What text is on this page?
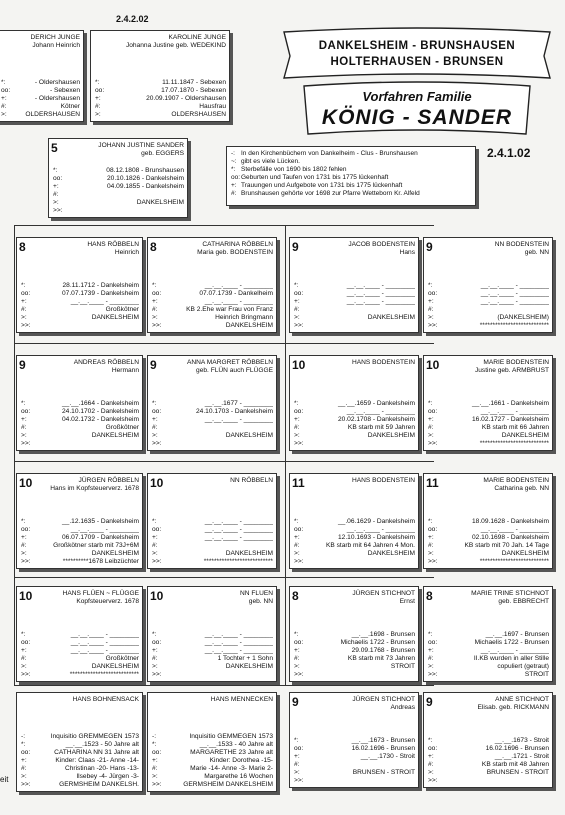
DANKELSHEIM - BRUNSHAUSEN
HOLTERHAUSEN - BRUNSEN
Vorfahren Familie
KÖNIG - SANDER
2.4.2.02
2.4.1.02
-: In den Kirchenbüchern von Dankelheim - Clus - Brunshausen
~: gibt es viele Lücken.
*: Sterbefälle von 1690 bis 1802 fehlen
oo: Geburten und Taufen von 1731 bis 1775 lückenhaft
+: Trauungen und Aufgebote von 1731 bis 1775 lückenhaft
#: Brunshausen gehörte vor 1698 zur Pfarre Wetteborn Kr. Alfeld
eit
DERICH JUNGE
Johann Heinrich
*:	- Oldershausen
oo:	- Sebexen
+:	- Oldershausen
#:	Kötner
>:	OLDERSHAUSEN
KAROLINE JUNGE
Johanna Justine geb. WEDEKIND
*:	11.11.1847 - Sebexen
oo:	17.07.1870 - Sebexen
+:	20.09.1907 - Oldershausen
#:	Hausfrau
>:	OLDERSHAUSEN
5	JOHANN JUSTINE SANDER
geb. EGGERS
*:	08.12.1808 - Brunshausen
oo:	20.10.1826 - Dankelsheim
+:	04.09.1855 - Dankelsheim
#:
>:	DANKELSHEIM
>>:
8	HANS RÖBBELN
Heinrich
*:	28.11.1712 - Dankelsheim
oo:	07.07.1739 - Dankelsheim
+:	__.__.____ - ________
#:	Großkötner
>:	DANKELSHEIM
>>:
8	CATHARINA RÖBBELN
Maria geb. BODENSTEIN
*:	__.__.____ - ________
oo:	07.07.1739 - Dankelheim
+:	__.__.____ - ________
#:	KB 2.Ehe war Frau von Franz
>:	Heinrich Bringmann
>>:	DANKELSHEIM
9	JACOB BODENSTEIN
Hans
*:	__.__.____ - ________
oo:	__.__.____ - ________
+:	__.__.____ - ________
#:
>:	DANKELSHEIM
>>:
9	NN BODENSTEIN
geb. NN
*:	__.__.____ - ________
oo:	__.__.____ - ________
+:	__.__.____ - ________
#:
>:	(DANKELSHEIM)
>>:	***************************
9	ANDREAS RÖBBELN
Hermann
*:	__.__.1664 - Dankelsheim
oo:	24.10.1702 - Dankelsheim
+:	04.02.1732 - Dankelsheim
#:	Großkötner
>:	DANKELSHEIM
>>:
9	ANNA MARGRET RÖBBELN
geb. FLÜN auch FLÜGGE
*:	__.__.1677 - ________
oo:	24.10.1703 - Dankelsheim
+:	__.__.____ - ________
#:
>:	DANKELSHEIM
>>:
10	HANS BODENSTEIN
*:	__.__.1659 - Dankelsheim
oo:	__.__.____ - ________
+:	20.02.1708 - Dankelsheim
#:	KB starb mit 59 Jahren
>:	DANKELSHEIM
>>:
10	MARIE BODENSTEIN
Justine geb. ARMBRUST
*:	__.__.1661 - Dankelsheim
oo:	__.__.____ - ________
+:	16.02.1727 - Dankelsheim
#:	KB starb mit 66 Jahren
>:	DANKELSHEIM
>>:	***************************
10	JÜRGEN RÖBBELN
Hans im Kopfsteuerverz. 1678
*:	__.12.1635 - Dankelsheim
oo:	__.__.____ - ________
+:	06.07.1709 - Dankelsheim
#:	Großkötner starb mit 73J+6M
>:	DANKELSHEIM
>>:	**********1678 Leibzüchter
10	NN RÖBBELN
*:	__.__.____ - ________
oo:	__.__.____ - ________
+:	__.__.____ - ________
#:
>:	DANKELSHEIM
>>:	***************************
11	HANS BODENSTEIN
*:	__.06.1629 - Dankelsheim
oo:	__.__.____ - ________
+:	12.10.1693 - Dankelsheim
#:	KB starb mit 64 Jahren 4 Mon.
>:	DANKELSHEIM
>>:
11	MARIE BODENSTEIN
Catharina geb. NN
*:	18.09.1628 - Dankelsheim
oo:	__.__.____ - ________
+:	02.10.1698 - Dankelsheim
#:	KB starb mit 70 Jah. 14 Tage
>:	DANKELSHEIM
>>:	***************************
10	HANS FLÜEN ~ FLÜGGE
Kopfsteuerverz. 1678
*:	__.__.____ - ________
oo:	__.__.____ - ________
+:	__.__.____ - ________
#:	Großkötner
>:	DANKELSHEIM
>>:	***************************
10	NN FLUEN
geb. NN
*:	__.__.____ - ________
oo:	__.__.____ - ________
+:	__.__.____ - ________
#:	1 Tochter + 1 Sohn
>:	DANKELSHEIM
>>:
8	JÜRGEN STICHNOT
Ernst
*:	__.__.1698 - Brunsen
oo:	Michaelis 1722 - Brunsen
+:	29.09.1768 - Brunsen
#:	KB starb mit 73 Jahren
>:	STROIT
>>:
8	MARIE TRINE STICHNOT
geb. EBBRECHT
*:	__.__.1697 - Brunsen
oo:	Michaelis 1722 - Brunsen
+:	__.__.____ - ________
#:	II.KB wurden in aller Stille
>:	copuliert (getraut)
>>:	STROIT
HANS BOHNENSACK
-:	Inquisitio GREMMEGEN 1573
*:	__.__.1523 - 50 Jahre alt
oo:	CATHARINA NN 31 Jahre alt
+:	Kinder: Claas -21- Anne -14-
#:	Christinan -20- Hans -13-
>:	Ilsebey -4- Jürgen -3-
>>:	GERMSHEIM DANKELSH.
HANS MENNECKEN
-:	Inquisitio GEMMEGEN 1573
*:	__.__.1533 - 40 Jahre alt
oo:	MARGARETHE 23 Jahre alt
+:	Kinder: Dorothea -15-
#:	Marie -14- Anne -3- Marie 2-
>:	Margarethe 16 Wochen
>>:	GERMSHEIM DANKELSHEIM
9	JÜRGEN STICHNOT
Andreas
*:	__.__.1673 - Brunsen
oo:	16.02.1696 - Brunsen
+:	__.__.1730 - Stroit
#:
>:	BRUNSEN - STROIT
>>:
9	ANNE STICHNOT
Elisab. geb. RICKMANN
*:	__.__.1673 - Stroit
oo:	16.02.1696 - Brunsen
+:	__.__.1721 - Stroit
#:	KB starb mit 48 Jahren
>:	BRUNSEN - STROIT
>>:
